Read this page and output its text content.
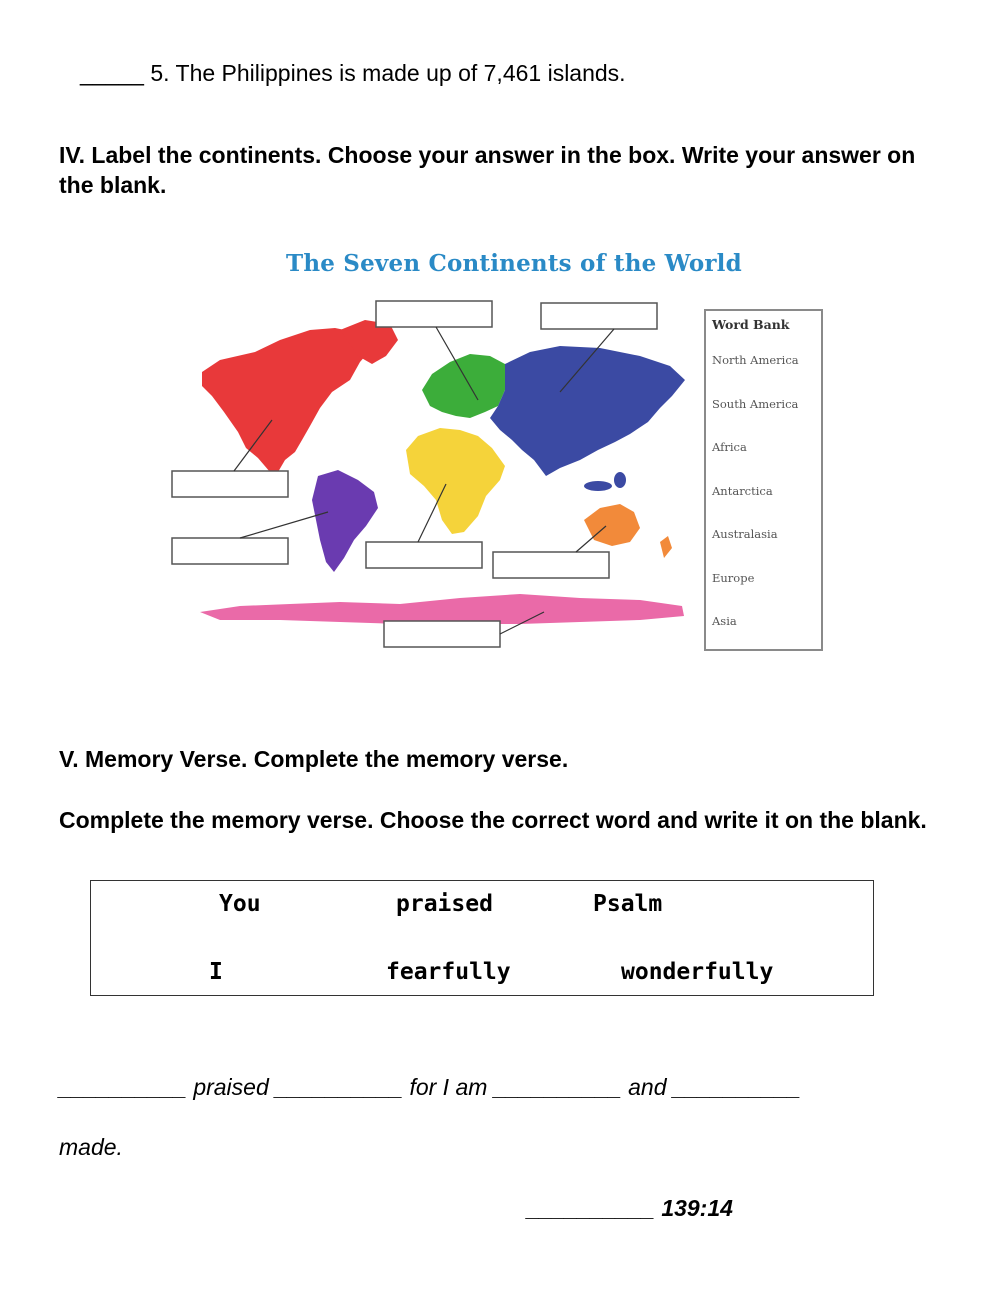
_____ 5. The Philippines is made up of 7,461 islands.
IV. Label the continents. Choose your answer in the box. Write your answer on the blank.
The Seven Continents of the World
Word Bank
North America
South America
Africa
Antarctica
Australasia
Europe
Asia
V. Memory Verse. Complete the memory verse.
Complete the memory verse. Choose the correct word and write it on the blank.
You	praised	Psalm
I	fearfully	wonderfully
__________ praised __________ for I am __________ and __________
made.
__________ 139:14
